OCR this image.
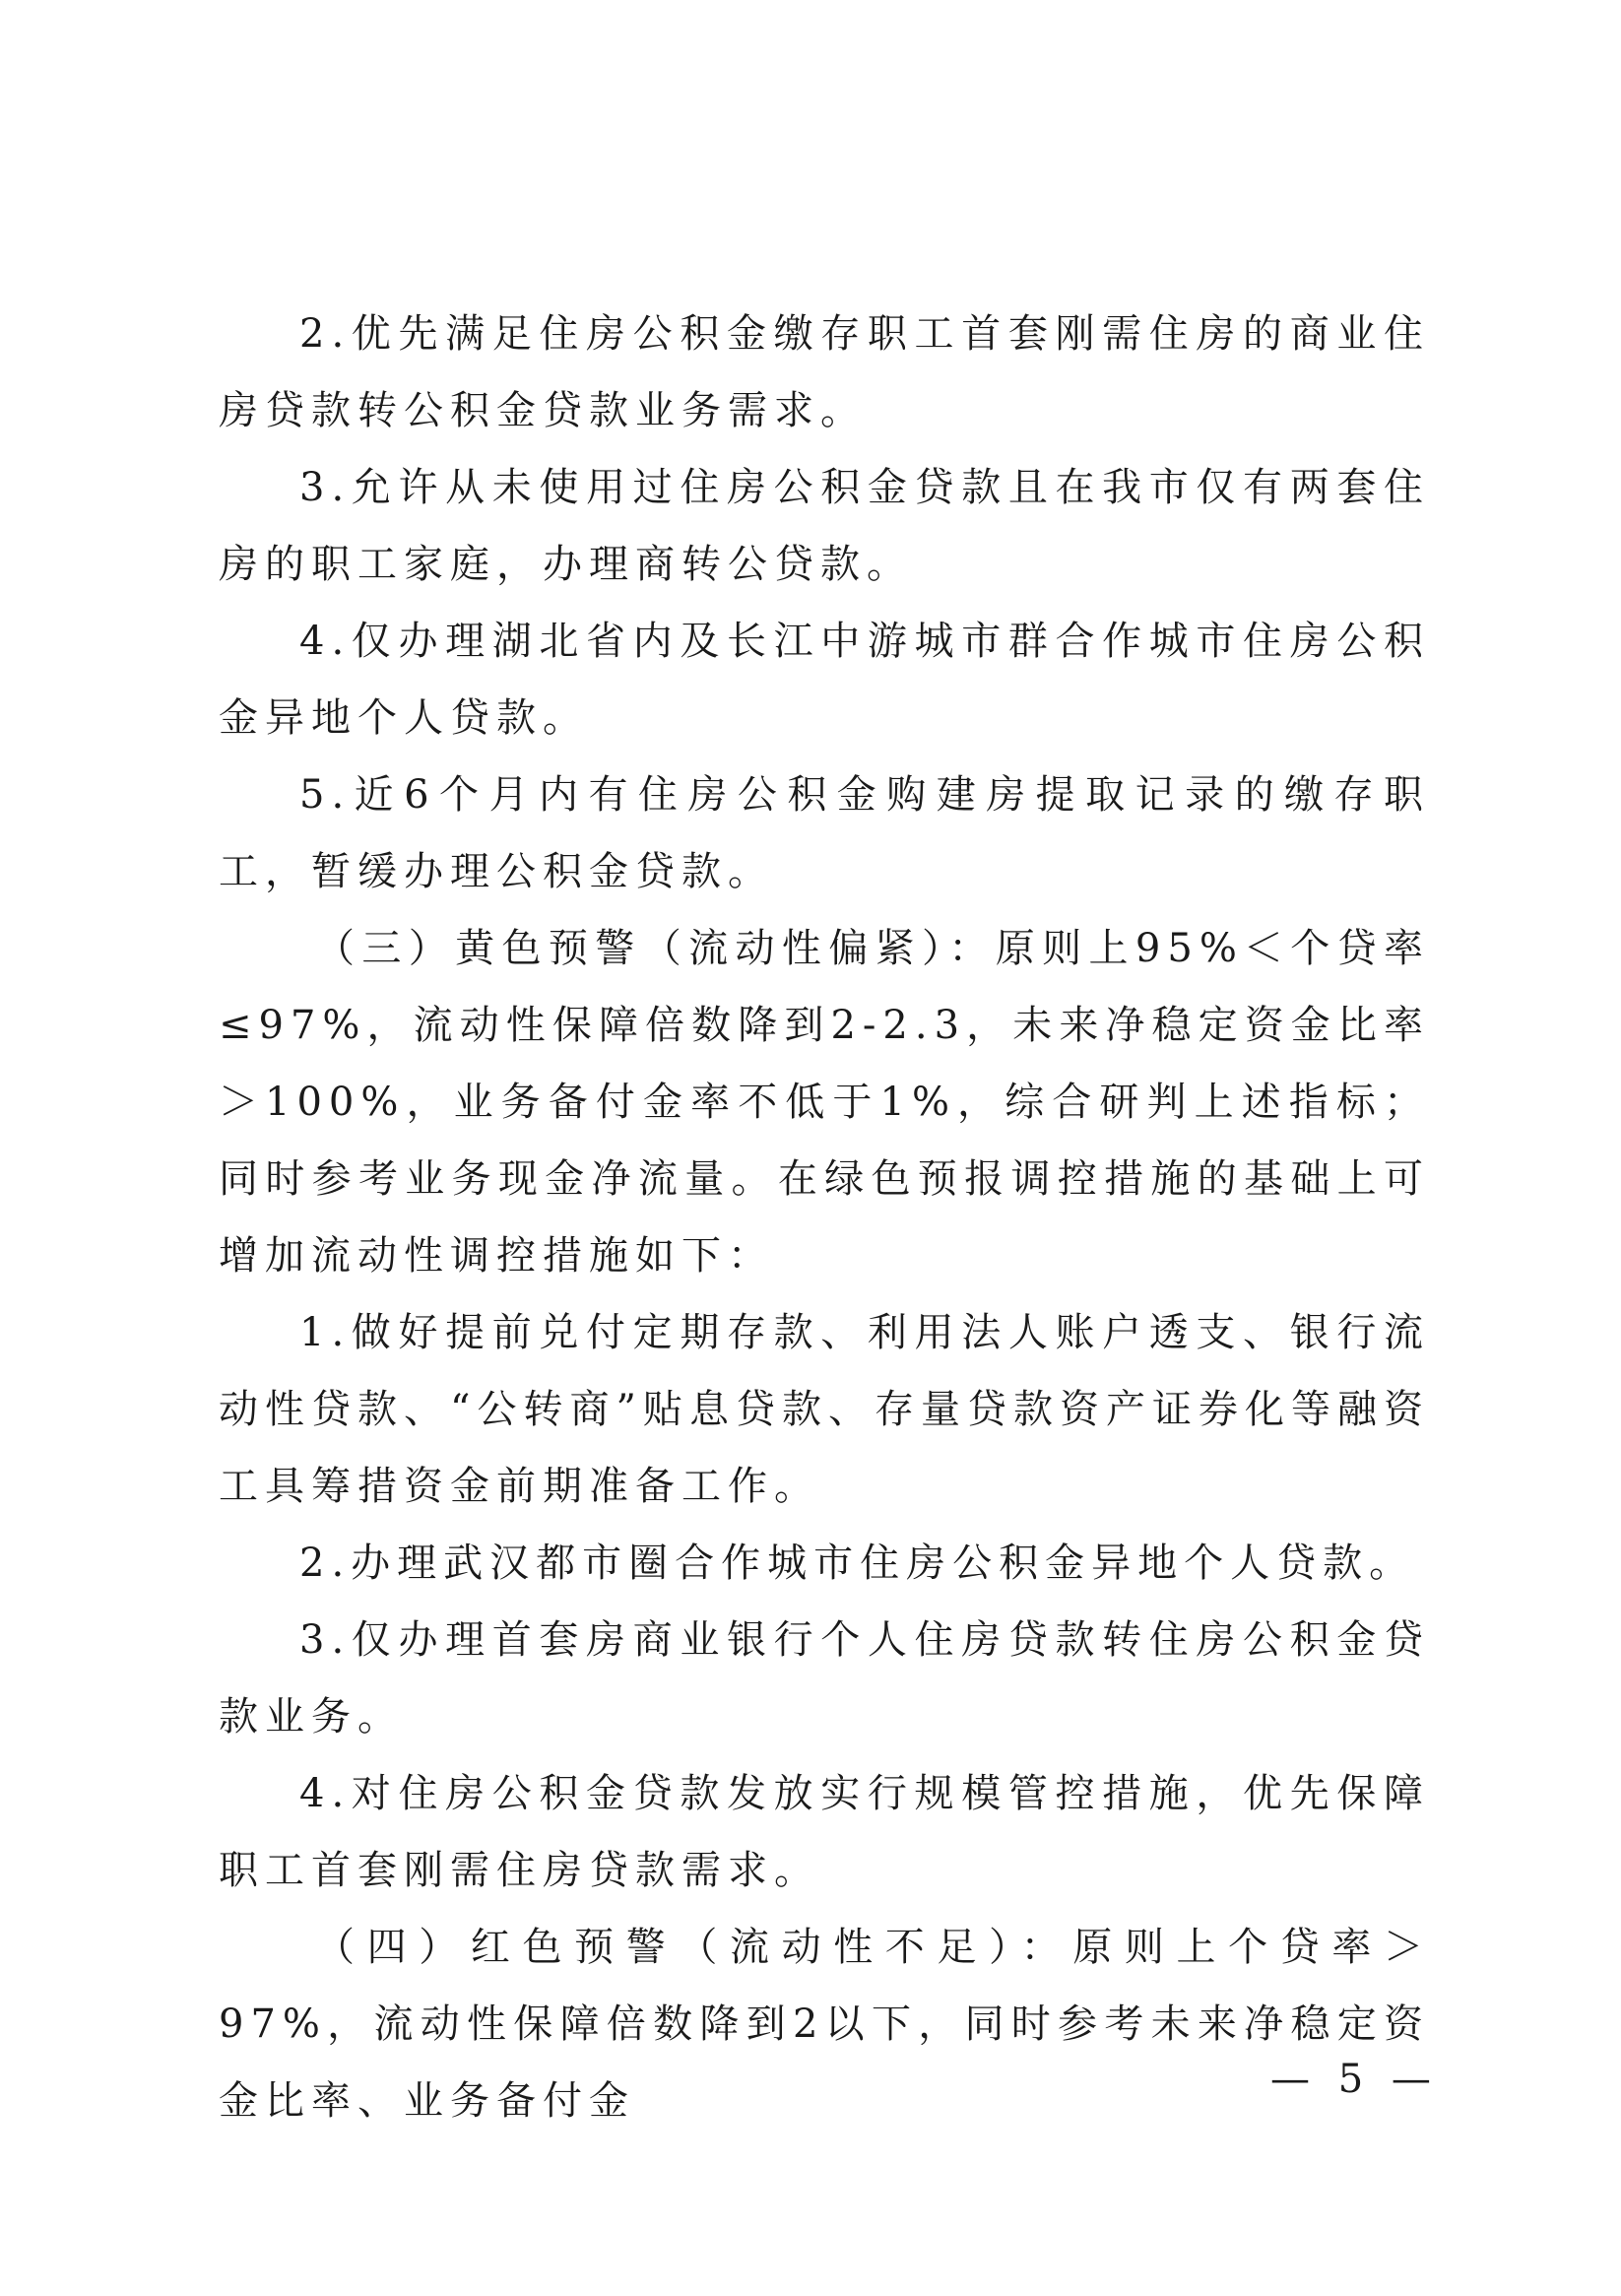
2.优先满足住房公积金缴存职工首套刚需住房的商业住房贷款转公积金贷款业务需求。

3.允许从未使用过住房公积金贷款且在我市仅有两套住房的职工家庭，办理商转公贷款。

4.仅办理湖北省内及长江中游城市群合作城市住房公积金异地个人贷款。

5.近6个月内有住房公积金购建房提取记录的缴存职工，暂缓办理公积金贷款。

（三）黄色预警（流动性偏紧）：原则上95%＜个贷率≤97%，流动性保障倍数降到2-2.3，未来净稳定资金比率＞100%，业务备付金率不低于1%，综合研判上述指标；同时参考业务现金净流量。在绿色预报调控措施的基础上可增加流动性调控措施如下：

1.做好提前兑付定期存款、利用法人账户透支、银行流动性贷款、“公转商”贴息贷款、存量贷款资产证券化等融资工具筹措资金前期准备工作。

2.办理武汉都市圈合作城市住房公积金异地个人贷款。

3.仅办理首套房商业银行个人住房贷款转住房公积金贷款业务。

4.对住房公积金贷款发放实行规模管控措施，优先保障职工首套刚需住房贷款需求。

（四）红色预警（流动性不足）：原则上个贷率＞97%，流动性保障倍数降到2以下，同时参考未来净稳定资金比率、业务备付金	— 5 —
